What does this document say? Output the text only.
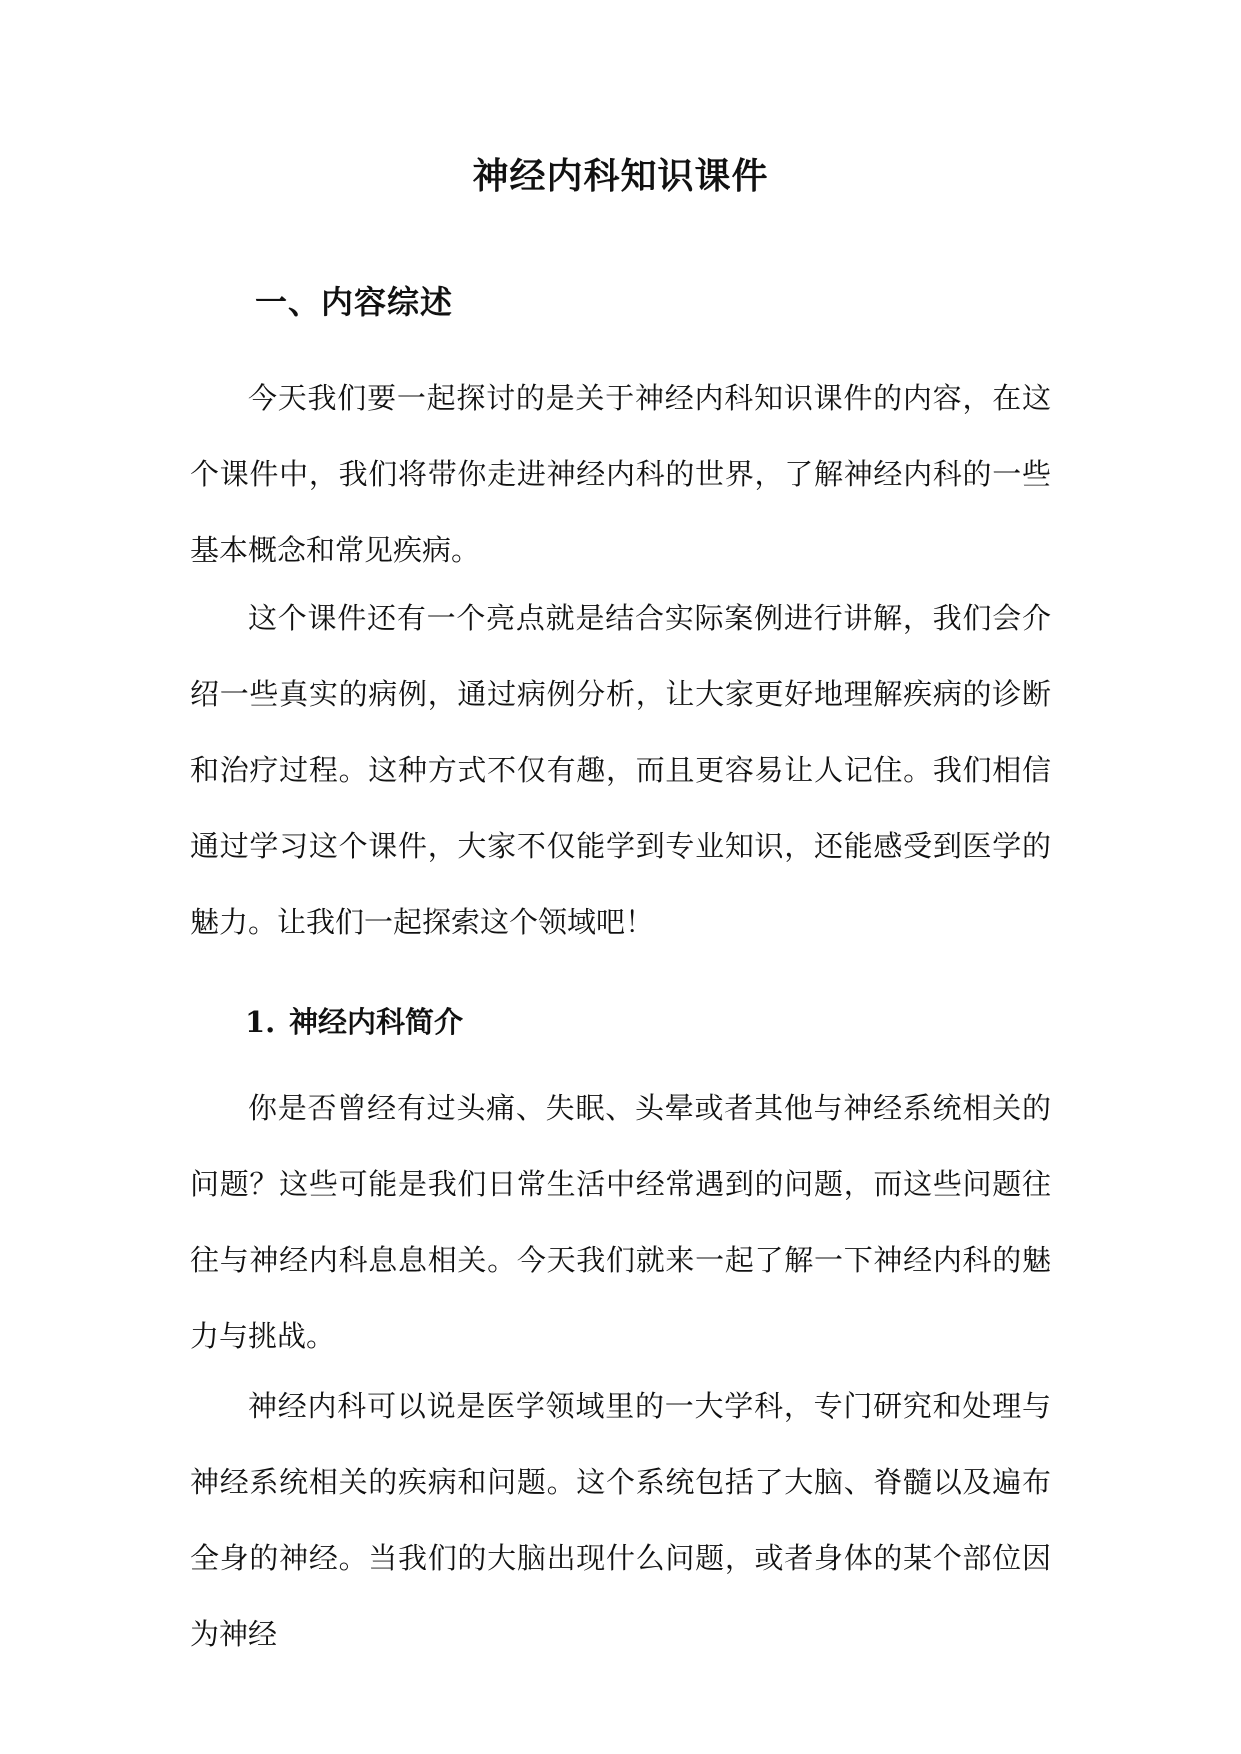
神经内科知识课件
一、内容综述

今天我们要一起探讨的是关于神经内科知识课件的内容，在这个课件中，我们将带你走进神经内科的世界，了解神经内科的一些基本概念和常见疾病。

这个课件还有一个亮点就是结合实际案例进行讲解，我们会介绍一些真实的病例，通过病例分析，让大家更好地理解疾病的诊断和治疗过程。这种方式不仅有趣，而且更容易让人记住。我们相信通过学习这个课件，大家不仅能学到专业知识，还能感受到医学的魅力。让我们一起探索这个领域吧！

1. 神经内科简介

你是否曾经有过头痛、失眠、头晕或者其他与神经系统相关的问题？这些可能是我们日常生活中经常遇到的问题，而这些问题往往与神经内科息息相关。今天我们就来一起了解一下神经内科的魅力与挑战。

神经内科可以说是医学领域里的一大学科，专门研究和处理与神经系统相关的疾病和问题。这个系统包括了大脑、脊髓以及遍布全身的神经。当我们的大脑出现什么问题，或者身体的某个部位因为神经
